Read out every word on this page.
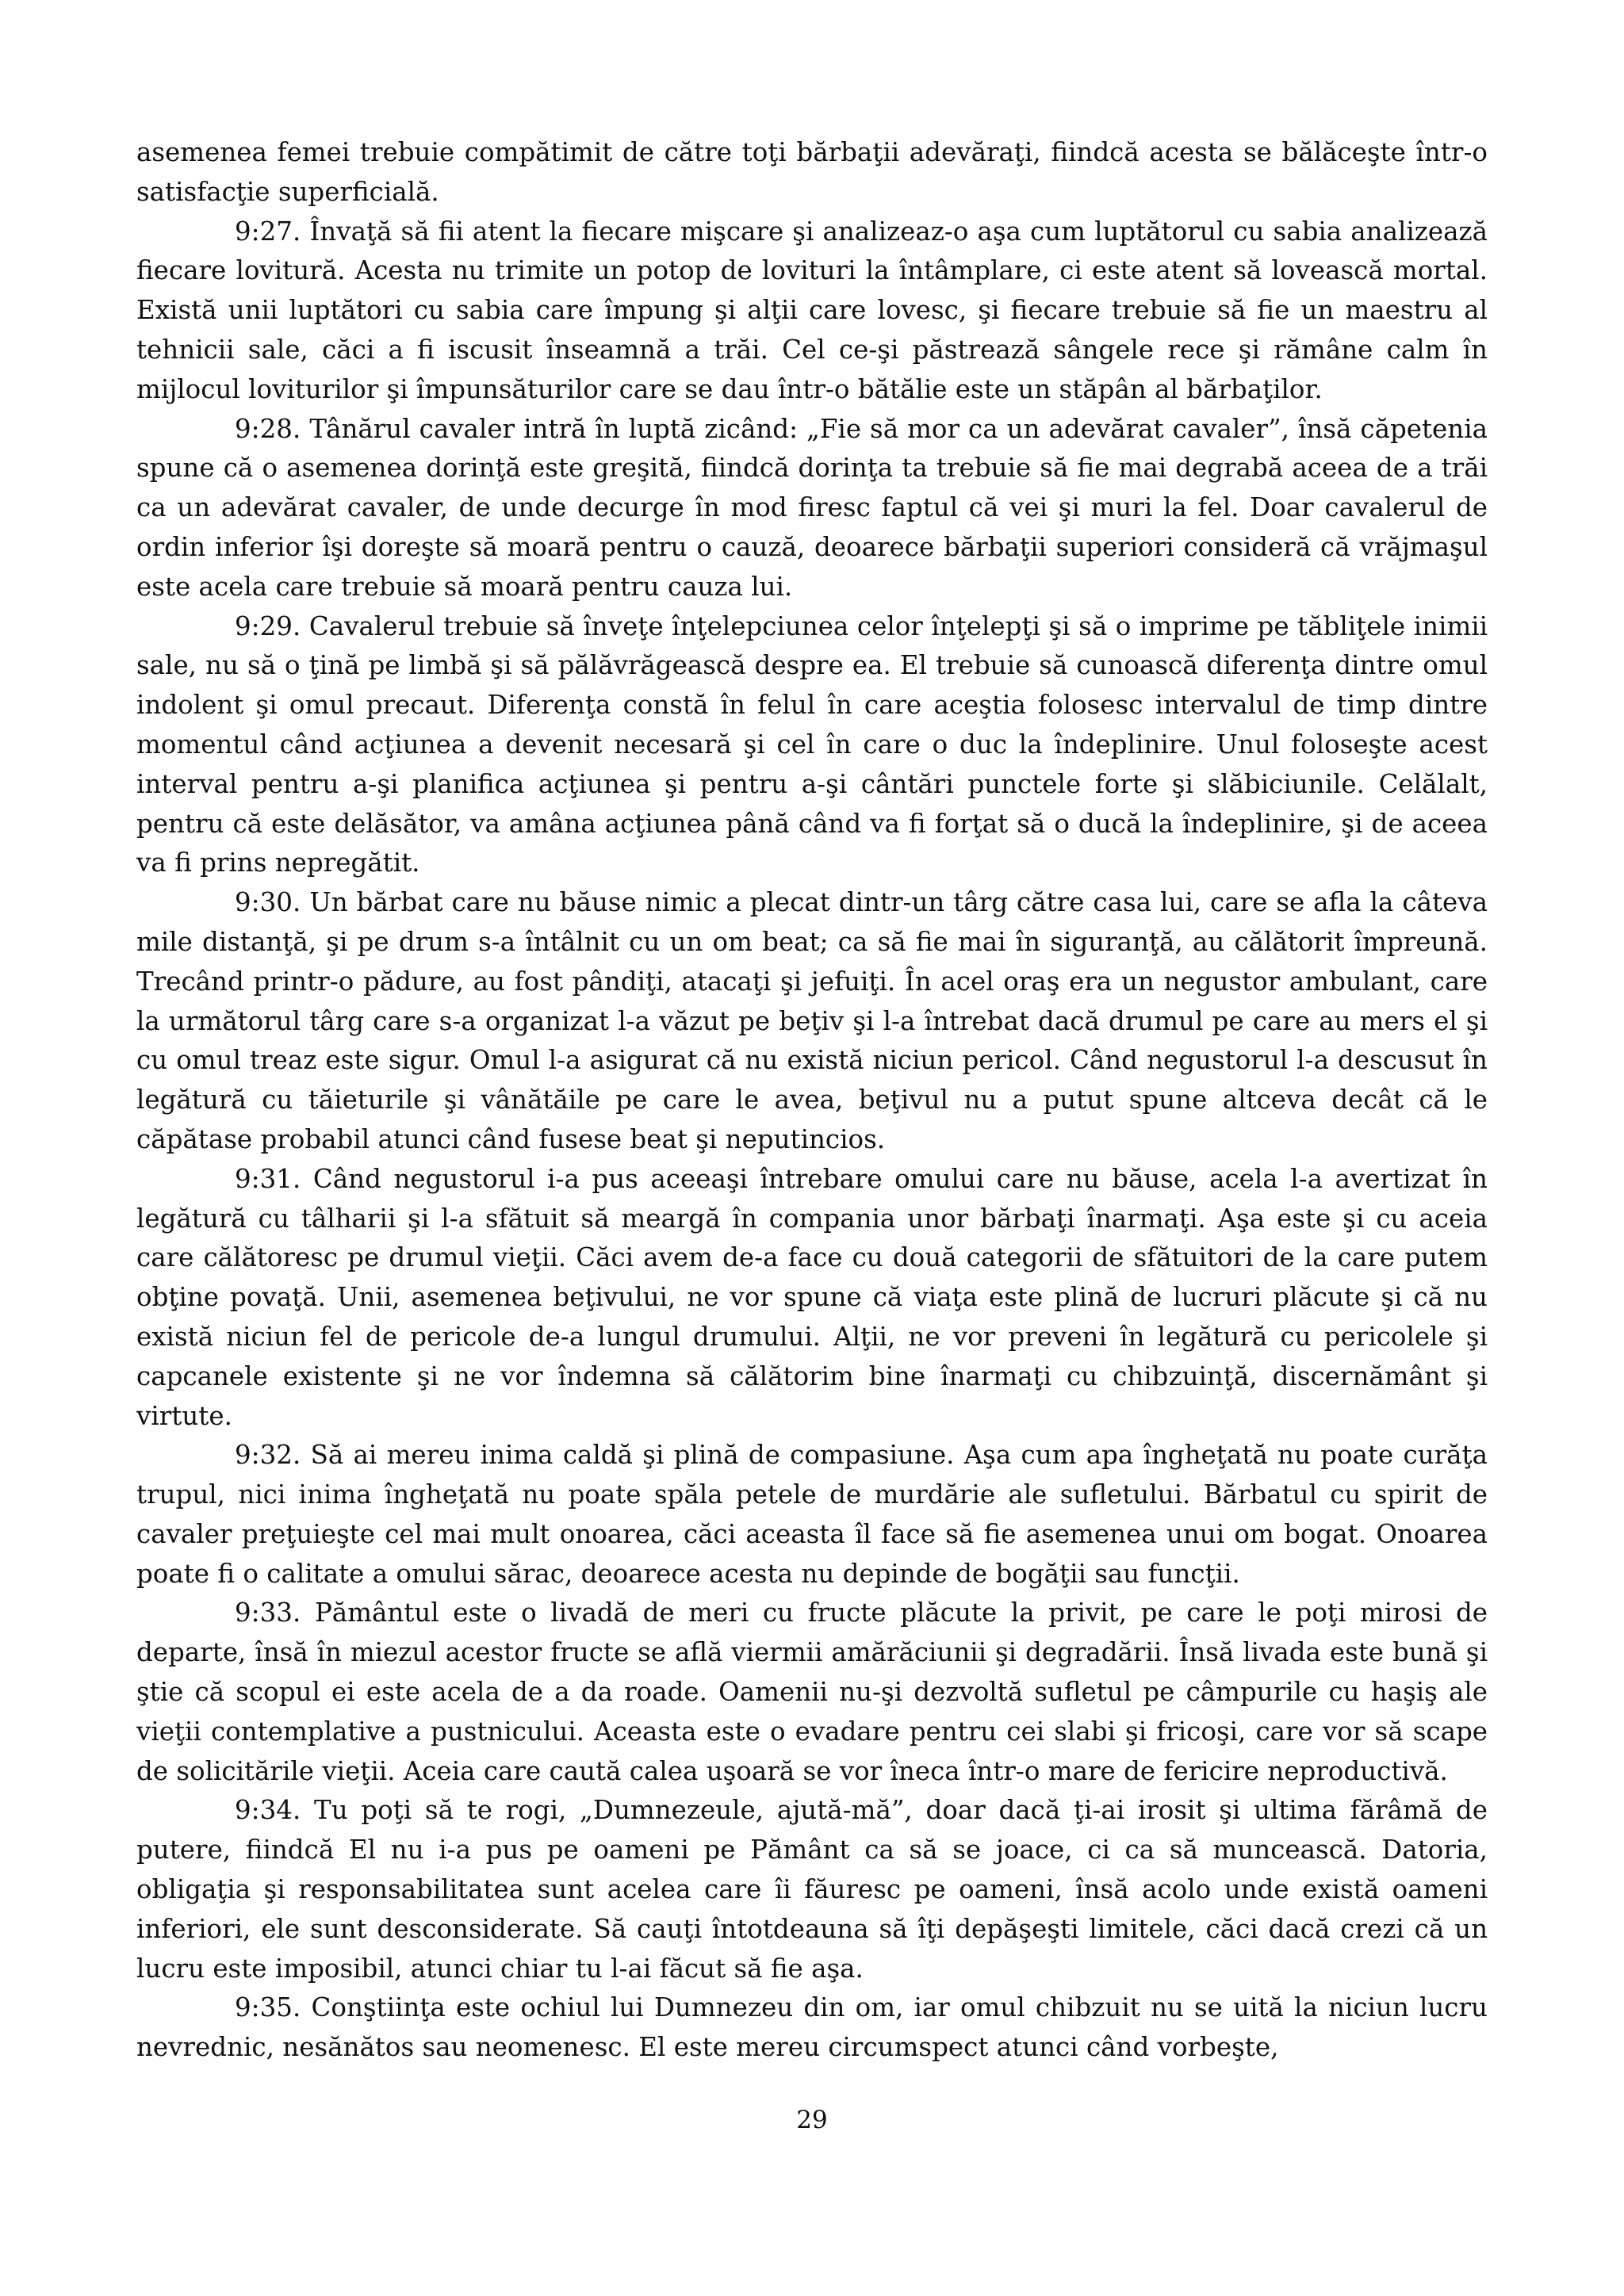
asemenea femei trebuie compătimit de către toţi bărbaţii adevăraţi, fiindcă acesta se bălăceşte într-o satisfacţie superficială.

9:27. Învaţă să fii atent la fiecare mişcare şi analizeaz-o aşa cum luptătorul cu sabia analizează fiecare lovitură. Acesta nu trimite un potop de lovituri la întâmplare, ci este atent să lovească mortal. Există unii luptători cu sabia care împung şi alţii care lovesc, şi fiecare trebuie să fie un maestru al tehnicii sale, căci a fi iscusit înseamnă a trăi. Cel ce-şi păstrează sângele rece şi rămâne calm în mijlocul loviturilor şi împunsăturilor care se dau într-o bătălie este un stăpân al bărbaţilor.

9:28. Tânărul cavaler intră în luptă zicând: „Fie să mor ca un adevărat cavaler”, însă căpetenia spune că o asemenea dorinţă este greşită, fiindcă dorinţa ta trebuie să fie mai degrabă aceea de a trăi ca un adevărat cavaler, de unde decurge în mod firesc faptul că vei şi muri la fel. Doar cavalerul de ordin inferior îşi doreşte să moară pentru o cauză, deoarece bărbaţii superiori consideră că vrăjmaşul este acela care trebuie să moară pentru cauza lui.

9:29. Cavalerul trebuie să înveţe înţelepciunea celor înţelepţi şi să o imprime pe tăbliţele inimii sale, nu să o ţină pe limbă şi să pălăvrăgească despre ea. El trebuie să cunoască diferenţa dintre omul indolent şi omul precaut. Diferenţa constă în felul în care aceştia folosesc intervalul de timp dintre momentul când acţiunea a devenit necesară şi cel în care o duc la îndeplinire. Unul foloseşte acest interval pentru a-şi planifica acţiunea şi pentru a-şi cântări punctele forte şi slăbiciunile. Celălalt, pentru că este delăsător, va amâna acţiunea până când va fi forţat să o ducă la îndeplinire, şi de aceea va fi prins nepregătit.

9:30. Un bărbat care nu băuse nimic a plecat dintr-un târg către casa lui, care se afla la câteva mile distanţă, şi pe drum s-a întâlnit cu un om beat; ca să fie mai în siguranţă, au călătorit împreună. Trecând printr-o pădure, au fost pândiţi, atacaţi şi jefuiţi. În acel oraş era un negustor ambulant, care la următorul târg care s-a organizat l-a văzut pe beţiv şi l-a întrebat dacă drumul pe care au mers el şi cu omul treaz este sigur. Omul l-a asigurat că nu există niciun pericol. Când negustorul l-a descusut în legătură cu tăieturile şi vânătăile pe care le avea, beţivul nu a putut spune altceva decât că le căpătase probabil atunci când fusese beat şi neputincios.

9:31. Când negustorul i-a pus aceeaşi întrebare omului care nu băuse, acela l-a avertizat în legătură cu tâlharii şi l-a sfătuit să meargă în compania unor bărbaţi înarmaţi. Aşa este şi cu aceia care călătoresc pe drumul vieţii. Căci avem de-a face cu două categorii de sfătuitori de la care putem obţine povaţă. Unii, asemenea beţivului, ne vor spune că viaţa este plină de lucruri plăcute şi că nu există niciun fel de pericole de-a lungul drumului. Alţii, ne vor preveni în legătură cu pericolele şi capcanele existente şi ne vor îndemna să călătorim bine înarmaţi cu chibzuinţă, discernământ şi virtute.

9:32. Să ai mereu inima caldă şi plină de compasiune. Aşa cum apa îngheţată nu poate curăţa trupul, nici inima îngheţată nu poate spăla petele de murdărie ale sufletului. Bărbatul cu spirit de cavaler preţuieşte cel mai mult onoarea, căci aceasta îl face să fie asemenea unui om bogat. Onoarea poate fi o calitate a omului sărac, deoarece acesta nu depinde de bogăţii sau funcţii.

9:33. Pământul este o livadă de meri cu fructe plăcute la privit, pe care le poţi mirosi de departe, însă în miezul acestor fructe se află viermii amărăciunii şi degradării. Însă livada este bună şi ştie că scopul ei este acela de a da roade. Oamenii nu-şi dezvoltă sufletul pe câmpurile cu haşiş ale vieţii contemplative a pustnicului. Aceasta este o evadare pentru cei slabi şi fricoşi, care vor să scape de solicitările vieţii. Aceia care caută calea uşoară se vor îneca într-o mare de fericire neproductivă.

9:34. Tu poţi să te rogi, „Dumnezeule, ajută-mă”, doar dacă ţi-ai irosit şi ultima fărâmă de putere, fiindcă El nu i-a pus pe oameni pe Pământ ca să se joace, ci ca să muncească. Datoria, obligaţia şi responsabilitatea sunt acelea care îi făuresc pe oameni, însă acolo unde există oameni inferiori, ele sunt desconsiderate. Să cauţi întotdeauna să îţi depăşeşti limitele, căci dacă crezi că un lucru este imposibil, atunci chiar tu l-ai făcut să fie aşa.

9:35. Conştiinţa este ochiul lui Dumnezeu din om, iar omul chibzuit nu se uită la niciun lucru nevrednic, nesănătos sau neomenesc. El este mereu circumspect atunci când vorbeşte,

29
